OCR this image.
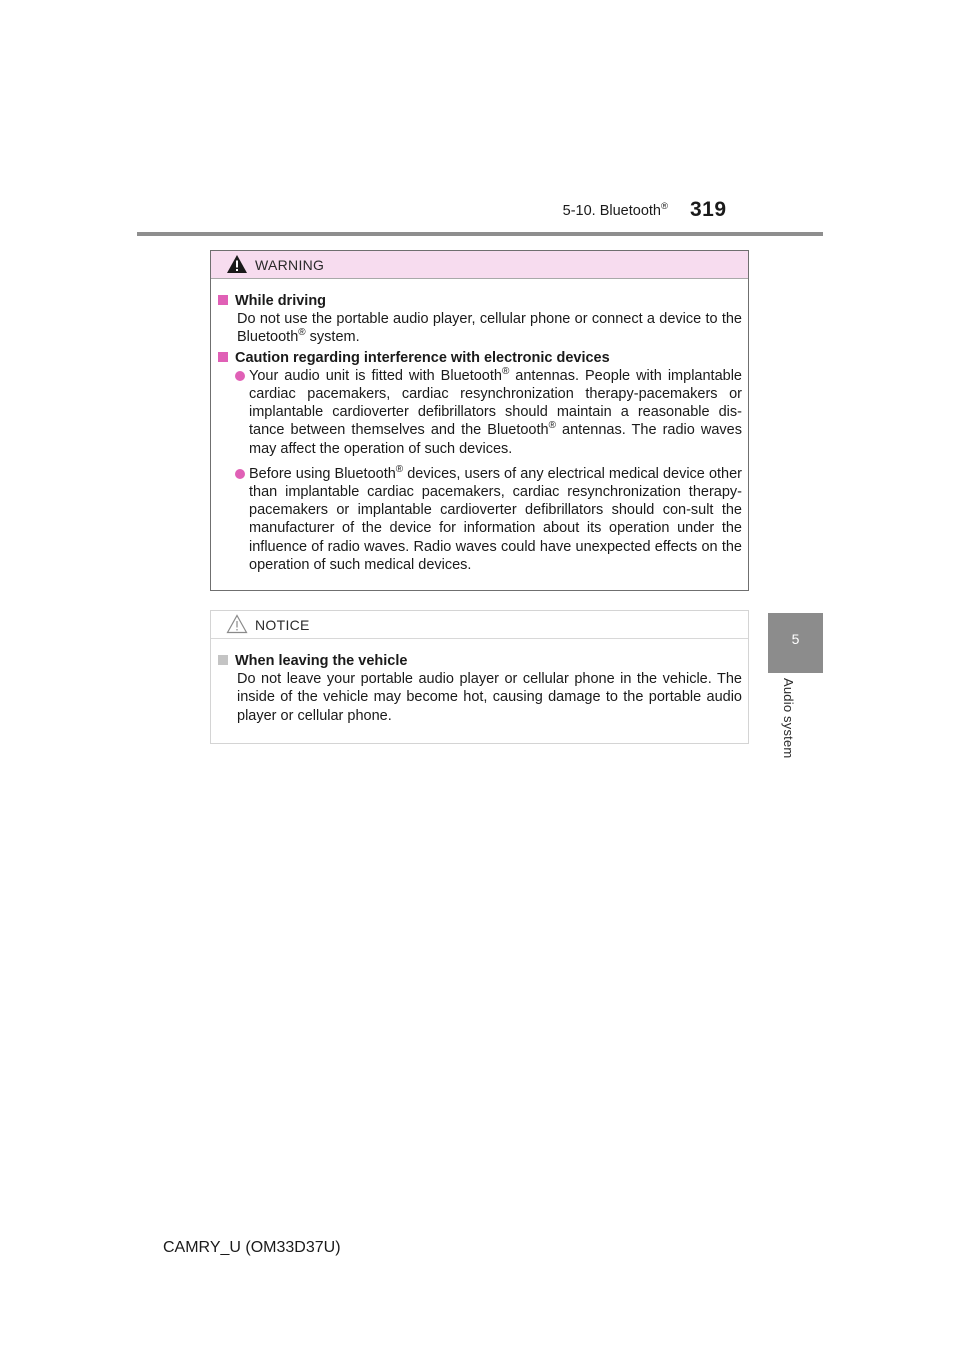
5-10. Bluetooth® 319
5
Audio system
WARNING
While driving
Do not use the portable audio player, cellular phone or connect a device to the Bluetooth® system.
Caution regarding interference with electronic devices
Your audio unit is fitted with Bluetooth® antennas. People with implantable cardiac pacemakers, cardiac resynchronization therapy-pacemakers or implantable cardioverter defibrillators should maintain a reasonable dis-tance between themselves and the Bluetooth® antennas. The radio waves may affect the operation of such devices.
Before using Bluetooth® devices, users of any electrical medical device other than implantable cardiac pacemakers, cardiac resynchronization therapy-pacemakers or implantable cardioverter defibrillators should con-sult the manufacturer of the device for information about its operation under the influence of radio waves. Radio waves could have unexpected effects on the operation of such medical devices.
NOTICE
When leaving the vehicle
Do not leave your portable audio player or cellular phone in the vehicle. The inside of the vehicle may become hot, causing damage to the portable audio player or cellular phone.
CAMRY_U (OM33D37U)
